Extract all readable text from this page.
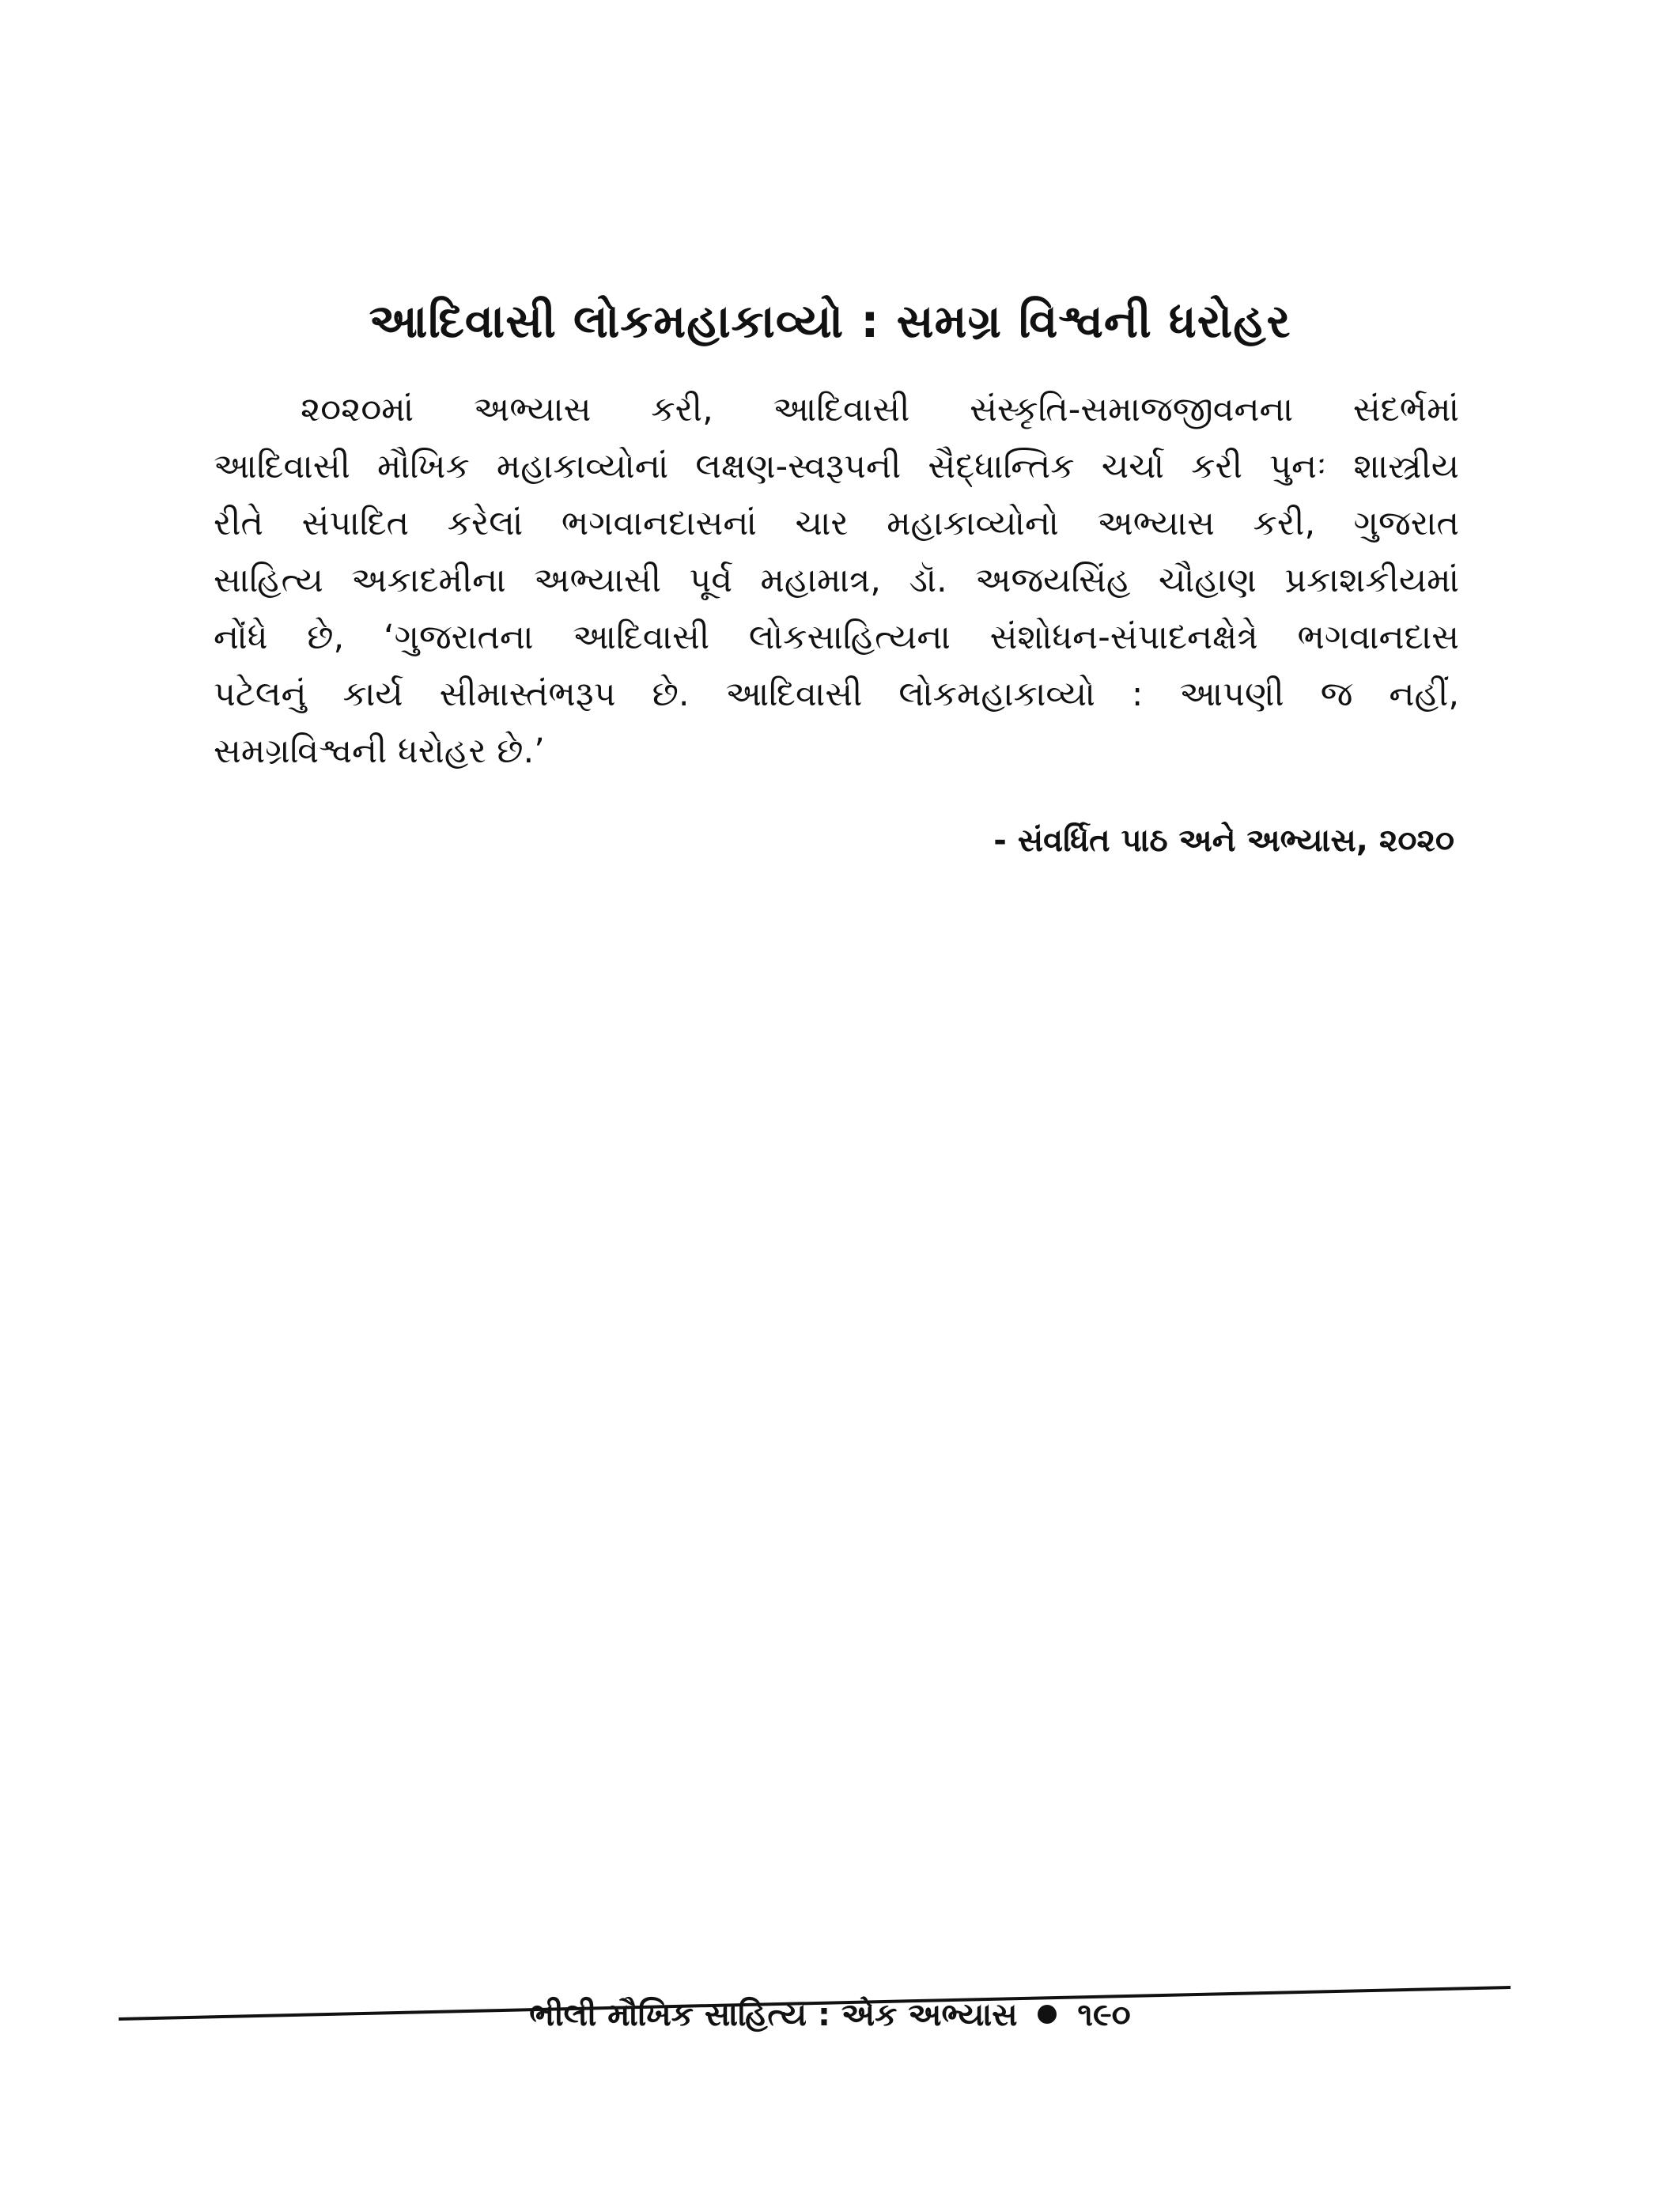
આદિવાસી લોકમહાકાવ્યો : સમગ્ર વિશ્વની ધરોહર
૨૦૨૦માં અભ્યાસ કરી, આદિવાસી સંસ્કૃતિ-સમાજજીવનના સંદર્ભમાં
આદિવાસી મૌખિક મહાકાવ્યોનાં લક્ષણ-સ્વરૂપની સૈદ્ધાન્તિક ચર્ચા કરી પુનઃ શાસ્ત્રીય
રીતે સંપાદિત કરેલાં ભગવાનદાસનાં ચાર મહાકાવ્યોનો અભ્યાસ કરી, ગુજરાત
સાહિત્ય અકાદમીના અભ્યાસી પૂર્વ મહામાત્ર, ડૉ. અજયસિંહ ચૌહાણ પ્રકાશકીયમાં
નોંધે છે, ‘ગુજરાતના આદિવાસી લોકસાહિત્યના સંશોધન-સંપાદનક્ષેત્રે ભગવાનદાસ
પટેલનું કાર્ય સીમાસ્તંભરૂપ છે. આદિવાસી લોકમહાકાવ્યો : આપણી જ નહીં,
સમગ્રવિશ્વની ધરોહર છે.’
- સંવર્ધિત પાઠ અને અભ્યાસ, ૨૦૨૦
ભીલી મૌખિક સાહિત્ય : એક અભ્યાસ ૧૯૦
